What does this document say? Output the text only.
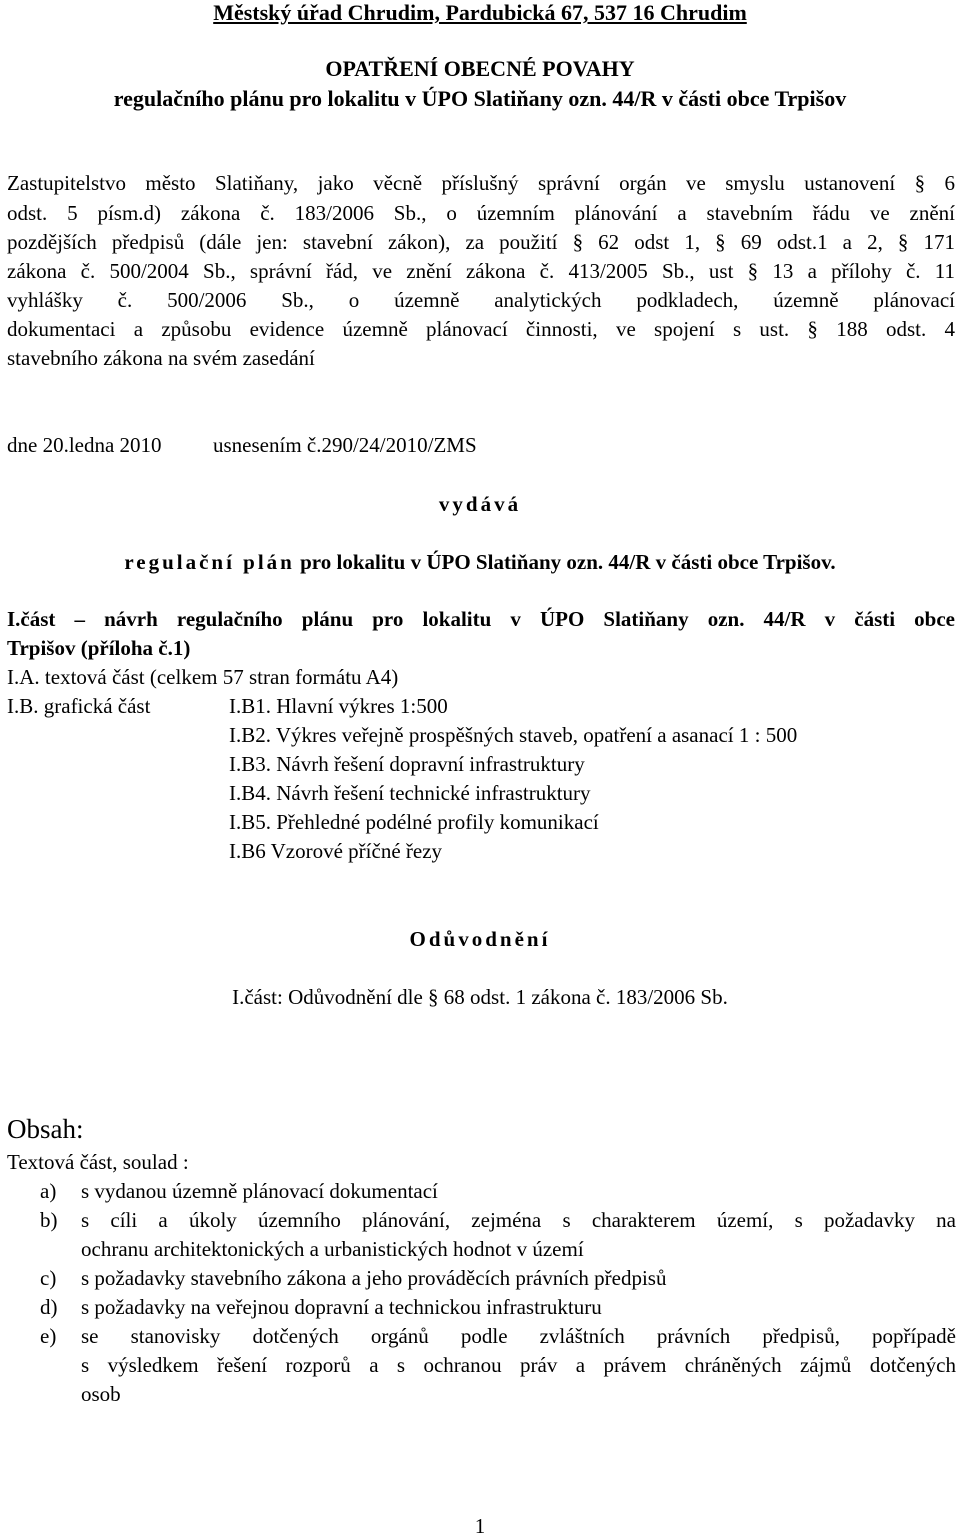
Městský úřad Chrudim, Pardubická 67, 537 16 Chrudim
OPATŘENÍ OBECNÉ POVAHY
regulačního plánu pro lokalitu v ÚPO Slatiňany ozn. 44/R v části obce Trpišov
Zastupitelstvo město Slatiňany, jako věcně příslušný správní orgán ve smyslu ustanovení § 6
odst. 5 písm.d) zákona č. 183/2006 Sb., o územním plánování a stavebním řádu ve znění
pozdějších předpisů (dále jen: stavební zákon), za použití § 62 odst 1, § 69 odst.1 a 2, § 171
zákona č. 500/2004 Sb., správní řád, ve znění zákona č. 413/2005 Sb., ust § 13 a přílohy č. 11
vyhlášky č. 500/2006 Sb., o územně analytických podkladech, územně plánovací
dokumentaci a způsobu evidence územně plánovací činnosti, ve spojení s ust. § 188 odst. 4
stavebního zákona na svém zasedání
dne 20.ledna 2010 usnesením č.290/24/2010/ZMS
vydává
regulační plán pro lokalitu v ÚPO Slatiňany ozn. 44/R v části obce Trpišov.
I.část – návrh regulačního plánu pro lokalitu v ÚPO Slatiňany ozn. 44/R v části obce
Trpišov (příloha č.1)
I.A. textová část (celkem 57 stran formátu A4)
I.B. grafická část	I.B1. Hlavní výkres 1:500
I.B2. Výkres veřejně prospěšných staveb, opatření a asanací 1 : 500
I.B3. Návrh řešení dopravní infrastruktury
I.B4. Návrh řešení technické infrastruktury
I.B5. Přehledné podélné profily komunikací
I.B6 Vzorové příčné řezy
Odůvodnění
I.část: Odůvodnění dle § 68 odst. 1 zákona č. 183/2006 Sb.
Obsah:
Textová část, soulad :
a) s vydanou územně plánovací dokumentací
b) s cíli a úkoly územního plánování, zejména s charakterem území, s požadavky na
ochranu architektonických a urbanistických hodnot v území
c) s požadavky stavebního zákona a jeho prováděcích právních předpisů
d) s požadavky na veřejnou dopravní a technickou infrastrukturu
e) se stanovisky dotčených orgánů podle zvláštních právních předpisů, popřípadě
s výsledkem řešení rozporů a s ochranou práv a právem chráněných zájmů dotčených
osob
1
